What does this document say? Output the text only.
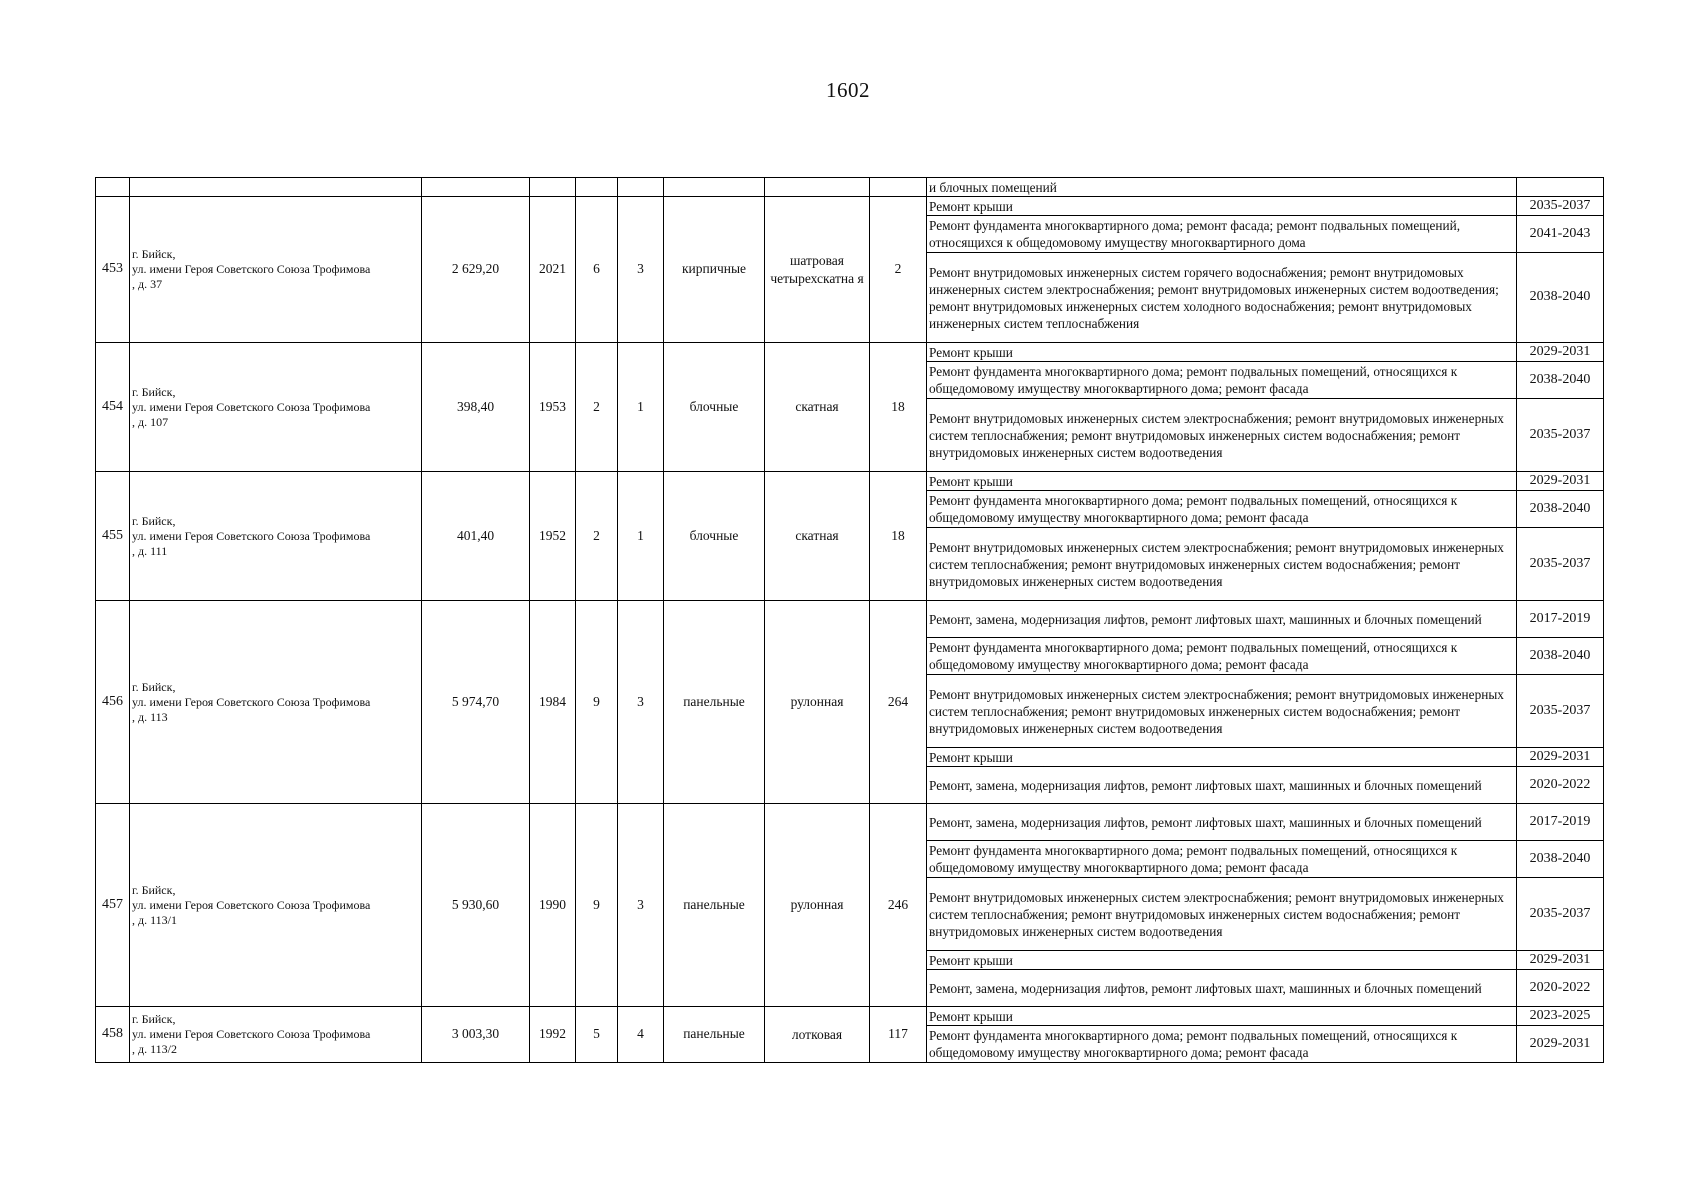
1602
									и блочных помещений	
453	г. Бийск,
ул. имени Героя Советского Союза Трофимова
, д. 37	2 629,20	2021	6	3	кирпичные	шатровая четырехскатна я	2	Ремонт крыши	2035-2037
									Ремонт фундамента многоквартирного дома; ремонт фасада; ремонт подвальных помещений, относящихся к общедомовому имуществу многоквартирного дома	2041-2043
									Ремонт внутридомовых инженерных систем горячего водоснабжения; ремонт внутридомовых инженерных систем электроснабжения; ремонт внутридомовых инженерных систем водоотведения; ремонт внутридомовых инженерных систем холодного водоснабжения; ремонт внутридомовых инженерных систем теплоснабжения	2038-2040
454	г. Бийск,
ул. имени Героя Советского Союза Трофимова
, д. 107	398,40	1953	2	1	блочные	скатная	18	Ремонт крыши	2029-2031
									Ремонт фундамента многоквартирного дома; ремонт подвальных помещений, относящихся к общедомовому имуществу многоквартирного дома; ремонт фасада	2038-2040
									Ремонт внутридомовых инженерных систем электроснабжения; ремонт внутридомовых инженерных систем теплоснабжения; ремонт внутридомовых инженерных систем водоснабжения; ремонт внутридомовых инженерных систем водоотведения	2035-2037
455	г. Бийск,
ул. имени Героя Советского Союза Трофимова
, д. 111	401,40	1952	2	1	блочные	скатная	18	Ремонт крыши	2029-2031
									Ремонт фундамента многоквартирного дома; ремонт подвальных помещений, относящихся к общедомовому имуществу многоквартирного дома; ремонт фасада	2038-2040
									Ремонт внутридомовых инженерных систем электроснабжения; ремонт внутридомовых инженерных систем теплоснабжения; ремонт внутридомовых инженерных систем водоснабжения; ремонт внутридомовых инженерных систем водоотведения	2035-2037
456	г. Бийск,
ул. имени Героя Советского Союза Трофимова
, д. 113	5 974,70	1984	9	3	панельные	рулонная	264	Ремонт, замена, модернизация лифтов, ремонт лифтовых шахт, машинных и блочных помещений	2017-2019
									Ремонт фундамента многоквартирного дома; ремонт подвальных помещений, относящихся к общедомовому имуществу многоквартирного дома; ремонт фасада	2038-2040
									Ремонт внутридомовых инженерных систем электроснабжения; ремонт внутридомовых инженерных систем теплоснабжения; ремонт внутридомовых инженерных систем водоснабжения; ремонт внутридомовых инженерных систем водоотведения	2035-2037
									Ремонт крыши	2029-2031
									Ремонт, замена, модернизация лифтов, ремонт лифтовых шахт, машинных и блочных помещений	2020-2022
457	г. Бийск,
ул. имени Героя Советского Союза Трофимова
, д. 113/1	5 930,60	1990	9	3	панельные	рулонная	246	Ремонт, замена, модернизация лифтов, ремонт лифтовых шахт, машинных и блочных помещений	2017-2019
									Ремонт фундамента многоквартирного дома; ремонт подвальных помещений, относящихся к общедомовому имуществу многоквартирного дома; ремонт фасада	2038-2040
									Ремонт внутридомовых инженерных систем электроснабжения; ремонт внутридомовых инженерных систем теплоснабжения; ремонт внутридомовых инженерных систем водоснабжения; ремонт внутридомовых инженерных систем водоотведения	2035-2037
									Ремонт крыши	2029-2031
									Ремонт, замена, модернизация лифтов, ремонт лифтовых шахт, машинных и блочных помещений	2020-2022
458	г. Бийск,
ул. имени Героя Советского Союза Трофимова
, д. 113/2	3 003,30	1992	5	4	панельные	лотковая	117	Ремонт крыши	2023-2025
									Ремонт фундамента многоквартирного дома; ремонт подвальных помещений, относящихся к общедомовому имуществу многоквартирного дома; ремонт фасада	2029-2031
